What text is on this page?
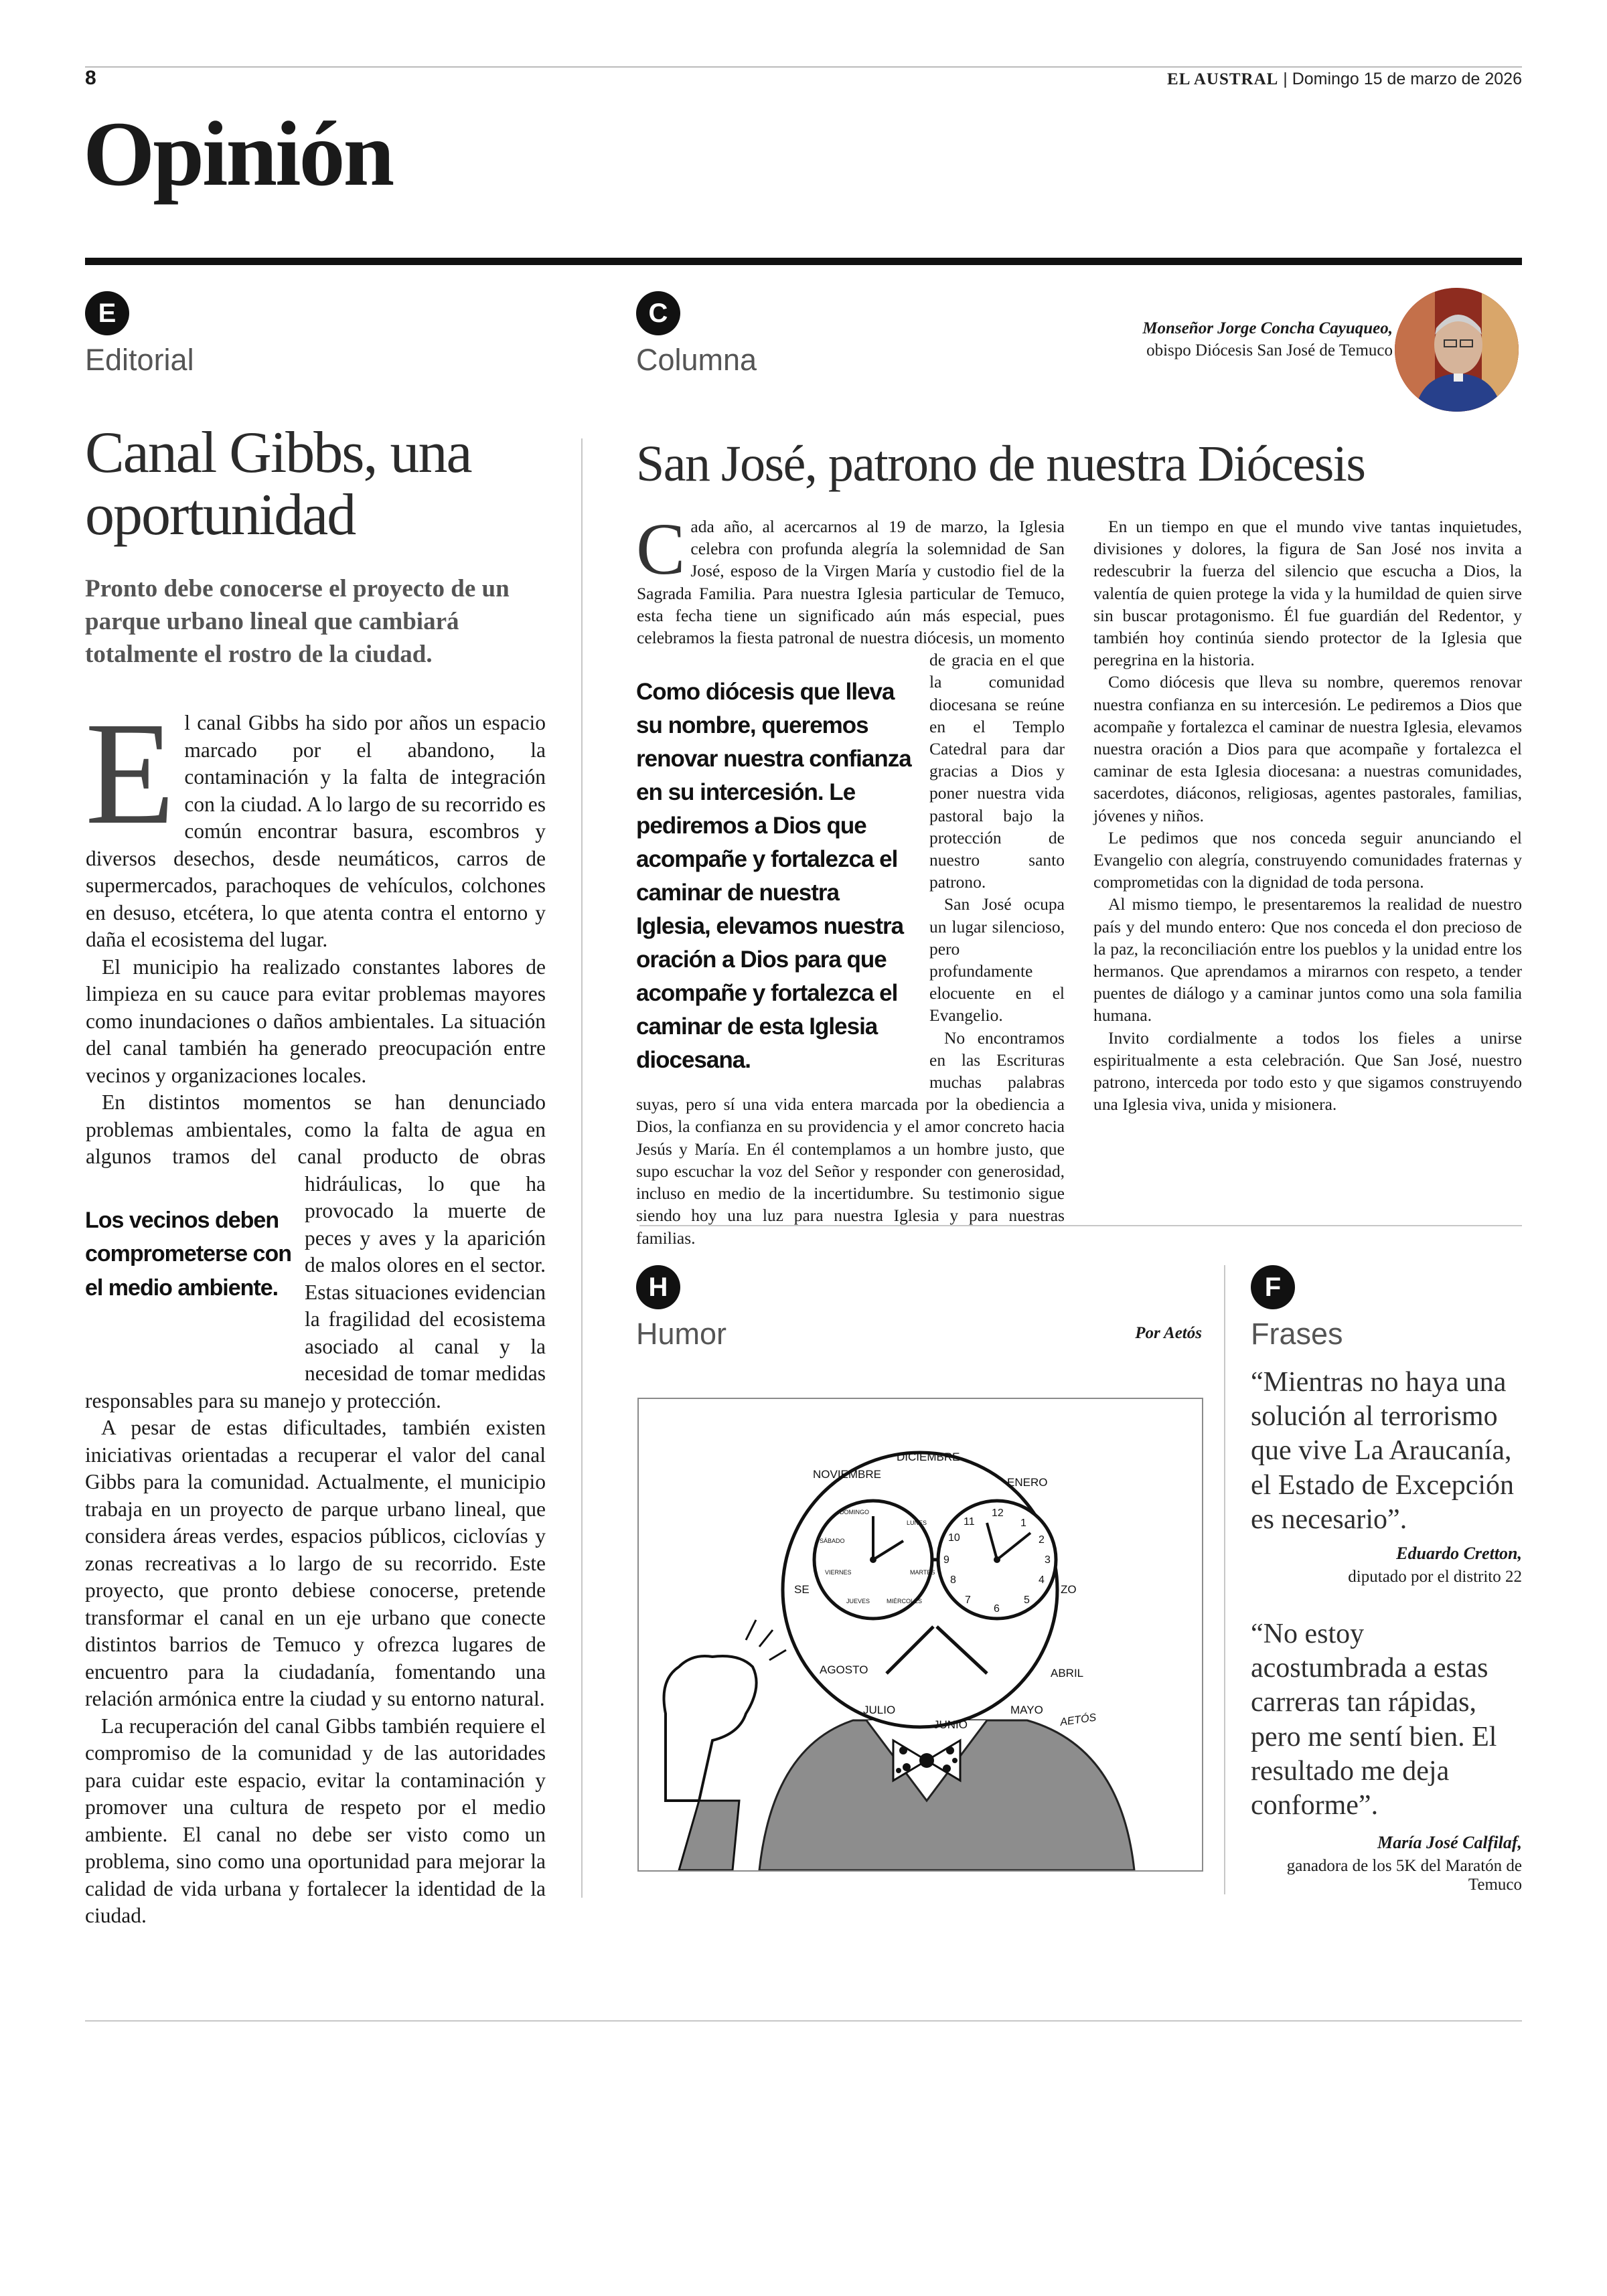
8	EL AUSTRAL | Domingo 15 de marzo de 2026
Opinión
E
Editorial
Canal Gibbs, una oportunidad
Pronto debe conocerse el proyecto de un parque urbano lineal que cambiará totalmente el rostro de la ciudad.
Los vecinos deben comprometerse con el medio ambiente.
E l canal Gibbs ha sido por años un espacio marcado por el abandono, la contaminación y la falta de integración con la ciudad. A lo largo de su recorrido es común encontrar basura, escombros y diversos desechos, desde neumáticos, carros de supermercados, parachoques de vehículos, colchones en desuso, etcétera, lo que atenta contra el entorno y daña el ecosistema del lugar.

El municipio ha realizado constantes labores de limpieza en su cauce para evitar problemas mayores como inundaciones o daños ambientales. La situación del canal también ha generado preocupación entre vecinos y organizaciones locales.

En distintos momentos se han denunciado problemas ambientales, como la falta de agua en algunos tramos del canal producto de obras hidráulicas, lo que ha provocado la muerte de peces y aves y la aparición de malos olores en el sector. Estas situaciones evidencian la fragilidad del ecosistema asociado al canal y la necesidad de tomar medidas responsables para su manejo y protección.

A pesar de estas dificultades, también existen iniciativas orientadas a recuperar el valor del canal Gibbs para la comunidad. Actualmente, el municipio trabaja en un proyecto de parque urbano lineal, que considera áreas verdes, espacios públicos, ciclovías y zonas recreativas a lo largo de su recorrido. Este proyecto, que pronto debiese conocerse, pretende transformar el canal en un eje urbano que conecte distintos barrios de Temuco y ofrezca lugares de encuentro para la ciudadanía, fomentando una relación armónica entre la ciudad y su entorno natural.

La recuperación del canal Gibbs también requiere el compromiso de la comunidad y de las autoridades para cuidar este espacio, evitar la contaminación y promover una cultura de respeto por el medio ambiente. El canal no debe ser visto como un problema, sino como una oportunidad para mejorar la calidad de vida urbana y fortalecer la identidad de la ciudad.

C
Columna
Monseñor Jorge Concha Cayuqueo,
obispo Diócesis San José de Temuco
San José, patrono de nuestra Diócesis
C
Como diócesis que lleva su nombre, queremos renovar nuestra confianza en su intercesión. Le pediremos a Dios que acompañe y fortalezca el caminar de nuestra Iglesia, elevamos nuestra oración a Dios para que acompañe y fortalezca el caminar de esta Iglesia diocesana.

ada año, al acercarnos al 19 de marzo, la Iglesia celebra con profunda alegría la solemnidad de San José, esposo de la Virgen María y custodio fiel de la Sagrada Familia. Para nuestra Iglesia particular de Temuco, esta fecha tiene un significado aún más especial, pues celebramos la fiesta patronal de nuestra diócesis, un momento de gracia en el que la comunidad diocesana se reúne en el Templo Catedral para dar gracias a Dios y poner nuestra vida pastoral bajo la protección de nuestro santo patrono.

San José ocupa un lugar silencioso, pero profundamente elocuente en el Evangelio.

No encontramos en las Escrituras muchas palabras suyas, pero sí una vida entera marcada por la obediencia a Dios, la confianza en su providencia y el amor concreto hacia Jesús y María. En él contemplamos a un hombre justo, que supo escuchar la voz del Señor y responder con generosidad, incluso en medio de la incertidumbre. Su testimonio sigue siendo hoy una luz para nuestra Iglesia y para nuestras familias.

En un tiempo en que el mundo vive tantas inquietudes, divisiones y dolores, la figura de San José nos invita a redescubrir la fuerza del silencio que escucha a Dios, la valentía de quien protege la vida y la humildad de quien sirve sin buscar protagonismo. Él fue guardián del Redentor, y también hoy continúa siendo protector de la Iglesia que peregrina en la historia.

Como diócesis que lleva su nombre, queremos renovar nuestra confianza en su intercesión. Le pediremos a Dios que acompañe y fortalezca el caminar de nuestra Iglesia, elevamos nuestra oración a Dios para que acompañe y fortalezca el caminar de esta Iglesia diocesana: a nuestras comunidades, sacerdotes, diáconos, religiosas, agentes pastorales, familias, jóvenes y niños.

Le pedimos que nos conceda seguir anunciando el Evangelio con alegría, construyendo comunidades fraternas y comprometidas con la dignidad de toda persona.

Al mismo tiempo, le presentaremos la realidad de nuestro país y del mundo entero: Que nos conceda el don precioso de la paz, la reconciliación entre los pueblos y la unidad entre los hermanos. Que aprendamos a mirarnos con respeto, a tender puentes de diálogo y a caminar juntos como una sola familia humana.

Invito cordialmente a todos los fieles a unirse espiritualmente a esta celebración. Que San José, nuestro patrono, interceda por todo esto y que sigamos construyendo una Iglesia viva, unida y misionera.

H
Humor	Por Aetós
DICIEMBRE
NOVIEMBRE
ENERO
SE	ZO
AGOSTO	ABRIL
JULIO
JUNIO
MAYO
DOMINGO
LUNES
SÁBADO
VIERNES	MARTES
JUEVES	MIÉRCOLES
12
1
2
3
4
5
6
7
8
9
10
11
AETÓS
F
Frases
“Mientras no haya una solución al terrorismo que vive La Araucanía, el Estado de Excepción es necesario”.
Eduardo Cretton,
diputado por el distrito 22
“No estoy acostumbrada a estas carreras tan rápidas, pero me sentí bien. El resultado me deja conforme”.
María José Calfilaf,
ganadora de los 5K del Maratón de Temuco
